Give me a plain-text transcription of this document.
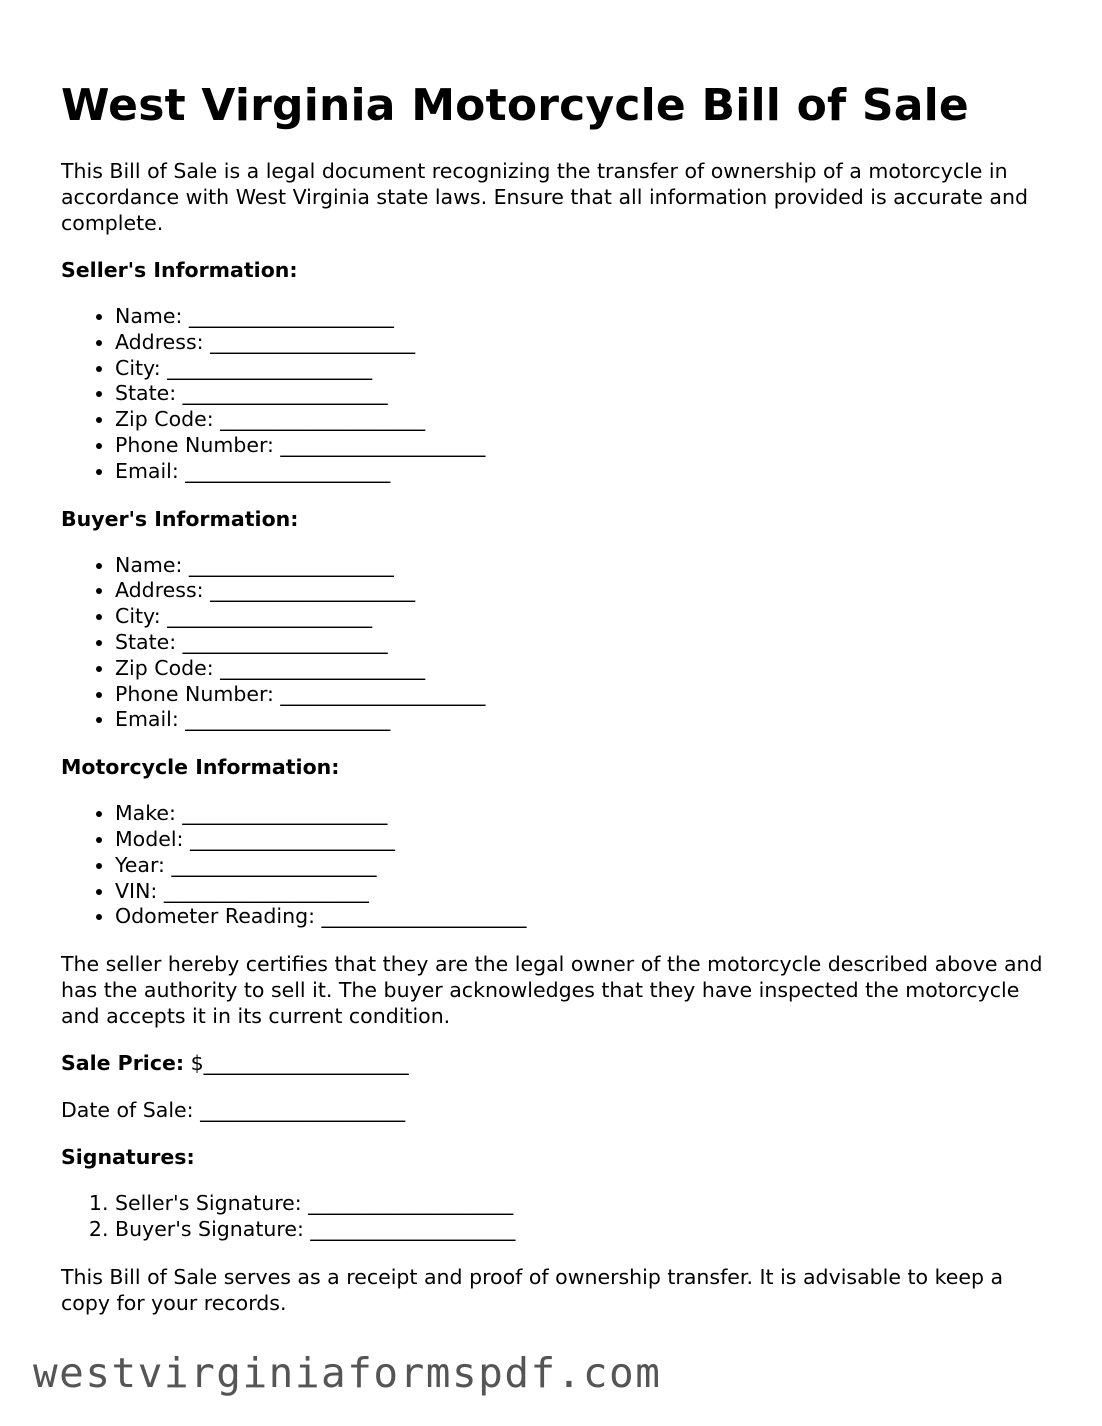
West Virginia Motorcycle Bill of Sale

This Bill of Sale is a legal document recognizing the transfer of ownership of a motorcycle in accordance with West Virginia state laws. Ensure that all information provided is accurate and complete.

Seller's Information:
• Name: ____________________
• Address: ____________________
• City: ____________________
• State: ____________________
• Zip Code: ____________________
• Phone Number: ____________________
• Email: ____________________
Buyer's Information:
• Name: ____________________
• Address: ____________________
• City: ____________________
• State: ____________________
• Zip Code: ____________________
• Phone Number: ____________________
• Email: ____________________
Motorcycle Information:
• Make: ____________________
• Model: ____________________
• Year: ____________________
• VIN: ____________________
• Odometer Reading: ____________________

The seller hereby certifies that they are the legal owner of the motorcycle described above and has the authority to sell it. The buyer acknowledges that they have inspected the motorcycle and accepts it in its current condition.

Sale Price: $____________________
Date of Sale: ____________________
Signatures:
1. Seller's Signature: ____________________
2. Buyer's Signature: ____________________

This Bill of Sale serves as a receipt and proof of ownership transfer. It is advisable to keep a copy for your records.

westvirginiaformspdf.com
